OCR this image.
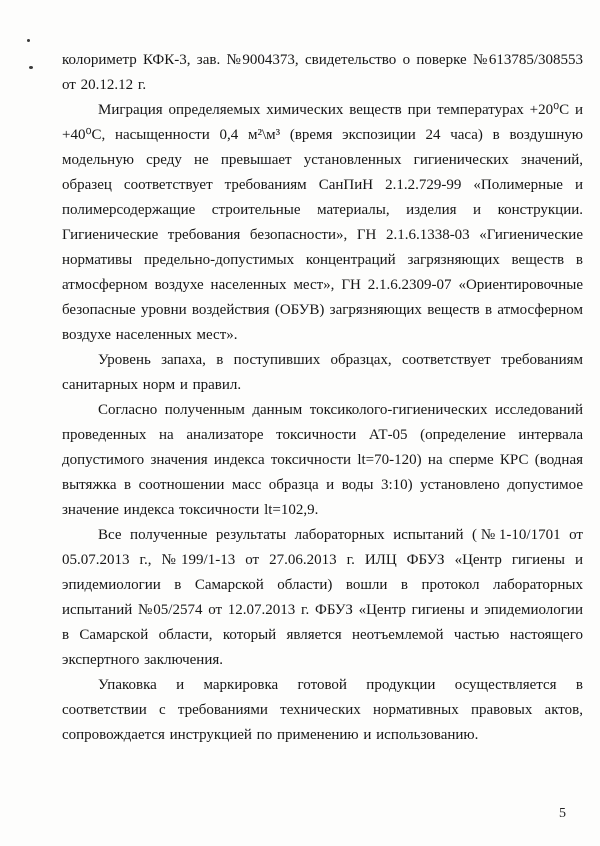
колориметр КФК-3, зав. №9004373, свидетельство о поверке №613785/308553 от 20.12.12 г.

Миграция определяемых химических веществ при температурах +20⁰С и +40⁰С, насыщенности 0,4 м²\м³ (время экспозиции 24 часа) в воздушную модельную среду не превышает установленных гигиенических значений, образец соответствует требованиям СанПиН 2.1.2.729-99 «Полимерные и полимерсодержащие строительные материалы, изделия и конструкции. Гигиенические требования безопасности», ГН 2.1.6.1338-03 «Гигиенические нормативы предельно-допустимых концентраций загрязняющих веществ в атмосферном воздухе населенных мест», ГН 2.1.6.2309-07 «Ориентировочные безопасные уровни воздействия (ОБУВ) загрязняющих веществ в атмосферном воздухе населенных мест».

Уровень запаха, в поступивших образцах, соответствует требованиям санитарных норм и правил.

Согласно полученным данным токсиколого-гигиенических исследований проведенных на анализаторе токсичности АТ-05 (определение интервала допустимого значения индекса токсичности lt=70-120) на сперме КРС (водная вытяжка в соотношении масс образца и воды 3:10) установлено допустимое значение индекса токсичности lt=102,9.

Все полученные результаты лабораторных испытаний (№1-10/1701 от 05.07.2013 г., №199/1-13 от 27.06.2013 г. ИЛЦ ФБУЗ «Центр гигиены и эпидемиологии в Самарской области) вошли в протокол лабораторных испытаний №05/2574 от 12.07.2013 г. ФБУЗ «Центр гигиены и эпидемиологии в Самарской области, который является неотъемлемой частью настоящего экспертного заключения.

Упаковка и маркировка готовой продукции осуществляется в соответствии с требованиями технических нормативных правовых актов, сопровождается инструкцией по применению и использованию.

5
